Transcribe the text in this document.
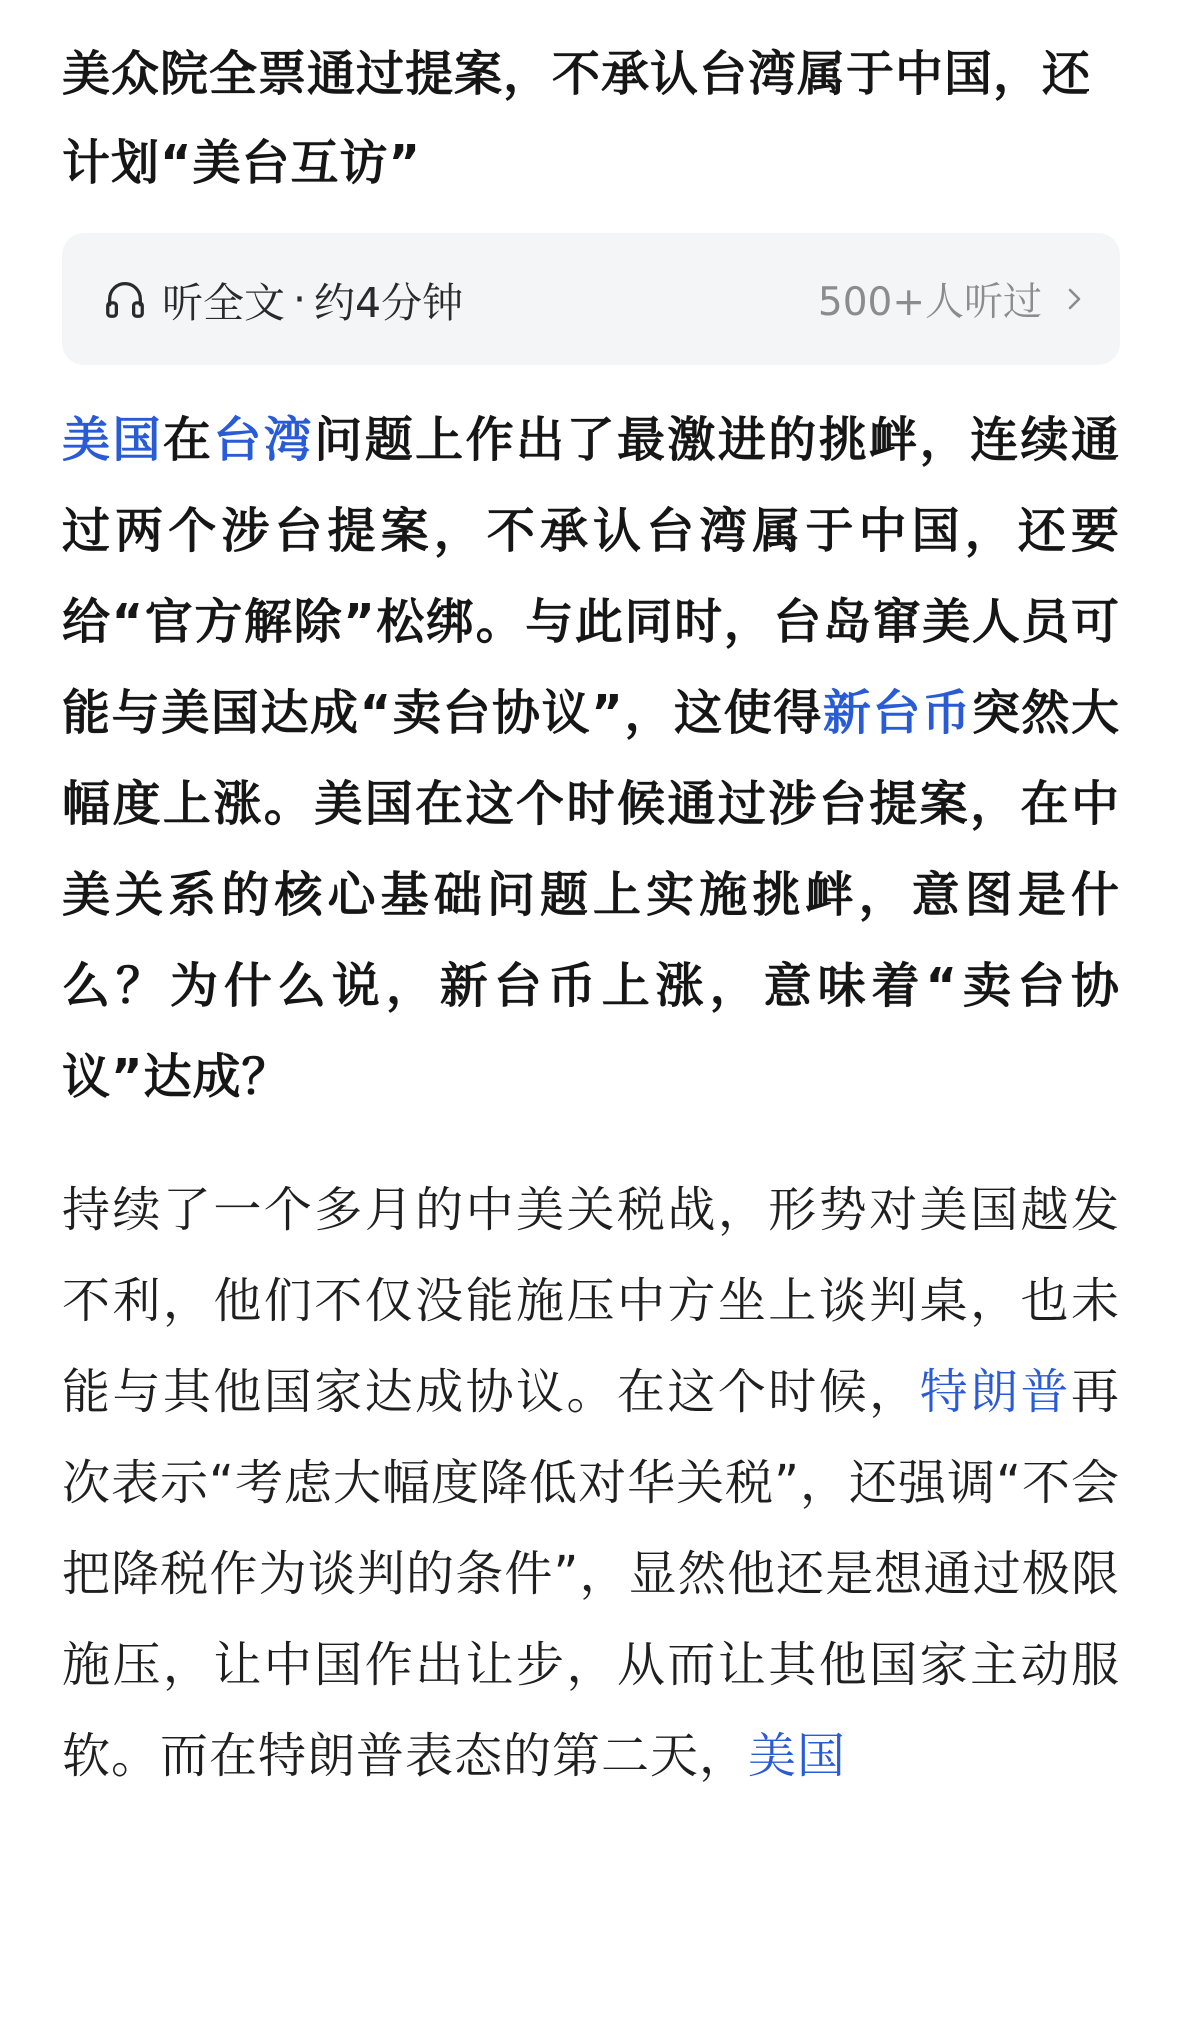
美众院全票通过提案，不承认台湾属于中国，还计划“美台互访”
听全文 · 约4分钟	500+人听过

美国在台湾问题上作出了最激进的挑衅，连续通过两个涉台提案，不承认台湾属于中国，还要给“官方解除”松绑。与此同时，台岛窜美人员可能与美国达成“卖台协议”，这使得新台币突然大幅度上涨。美国在这个时候通过涉台提案，在中美关系的核心基础问题上实施挑衅，意图是什么？为什么说，新台币上涨，意味着“卖台协议”达成？

持续了一个多月的中美关税战，形势对美国越发不利，他们不仅没能施压中方坐上谈判桌，也未能与其他国家达成协议。在这个时候，特朗普再次表示“考虑大幅度降低对华关税”，还强调“不会把降税作为谈判的条件”，显然他还是想通过极限施压，让中国作出让步，从而让其他国家主动服软。而在特朗普表态的第二天，美国
